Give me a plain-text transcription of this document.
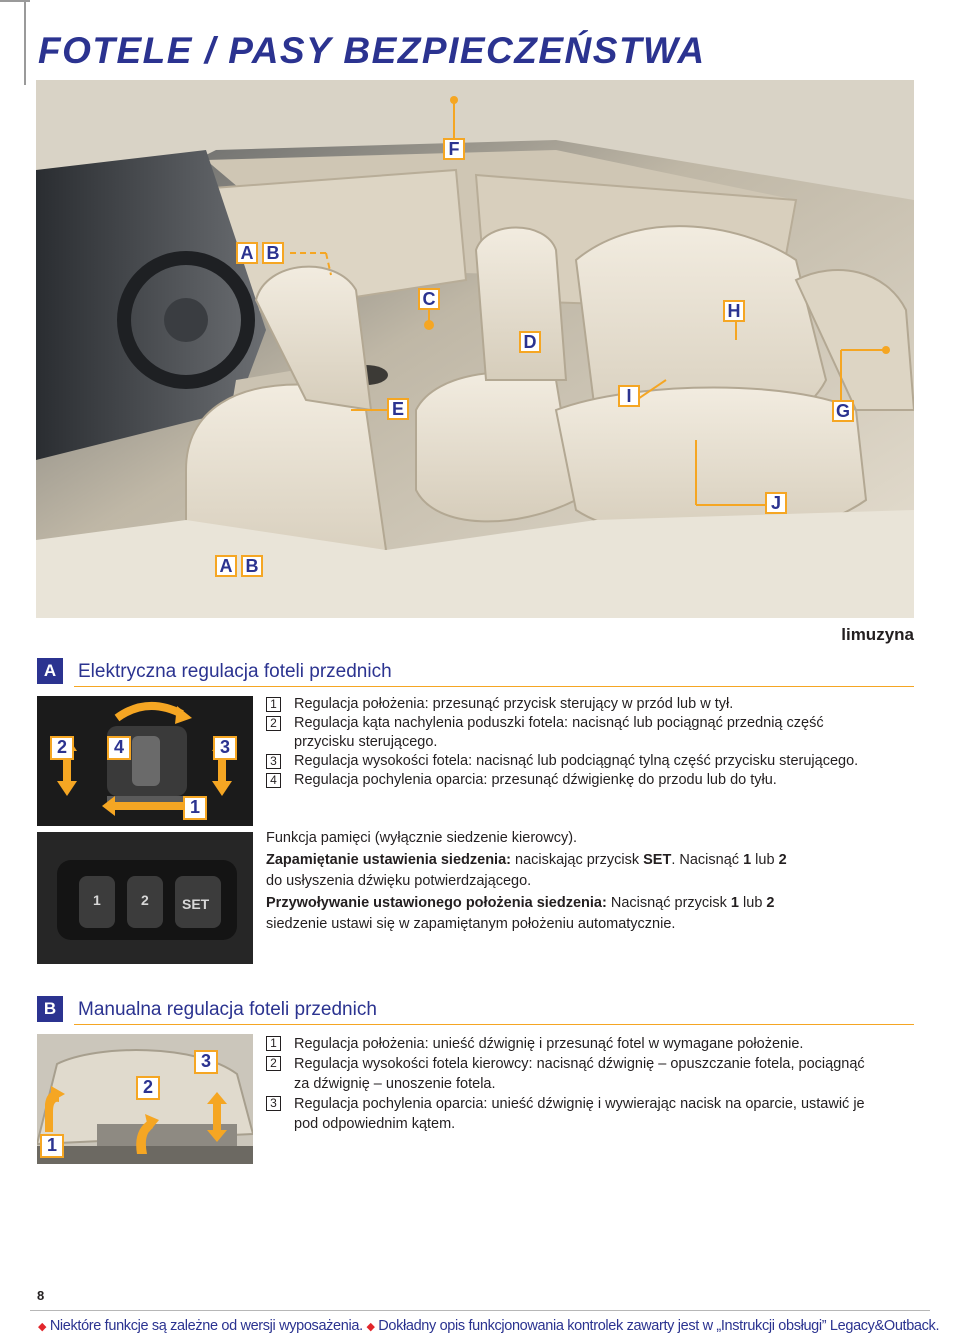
FOTELE / PASY BEZPIECZEŃSTWA
F
A B
C
H
D
I
E	G
J
A B
limuzyna
A	Elektryczna regulacja foteli przednich
2	4	3
1
1 Regulacja położenia: przesunąć przycisk sterujący w przód lub w tył.
2 Regulacja kąta nachylenia poduszki fotela: nacisnąć lub pociągnąć przednią część przycisku sterującego.
3 Regulacja wysokości fotela: nacisnąć lub podciągnąć tylną część przycisku sterującego.
4 Regulacja pochylenia oparcia: przesunąć dźwigienkę do przodu lub do tyłu.
1	2 SET
Funkcja pamięci (wyłącznie siedzenie kierowcy).
Zapamiętanie ustawienia siedzenia: naciskając przycisk SET. Nacisnąć 1 lub 2
do usłyszenia dźwięku potwierdzającego.
Przywoływanie ustawionego położenia siedzenia: Nacisnąć przycisk 1 lub 2
siedzenie ustawi się w zapamiętanym położeniu automatycznie.
B	Manualna regulacja foteli przednich
3
2
1
1 Regulacja położenia: unieść dźwignię i przesunąć fotel w wymagane położenie.
2 Regulacja wysokości fotela kierowcy: nacisnąć dźwignię – opuszczanie fotela, pociągnąć za dźwignię – unoszenie fotela.
3 Regulacja pochylenia oparcia: unieść dźwignię i wywierając nacisk na oparcie, ustawić je pod odpowiednim kątem.
8
◆ Niektóre funkcje są zależne od wersji wyposażenia. ◆ Dokładny opis funkcjonowania kontrolek zawarty jest w „Instrukcji obsługi” Legacy&Outback.
